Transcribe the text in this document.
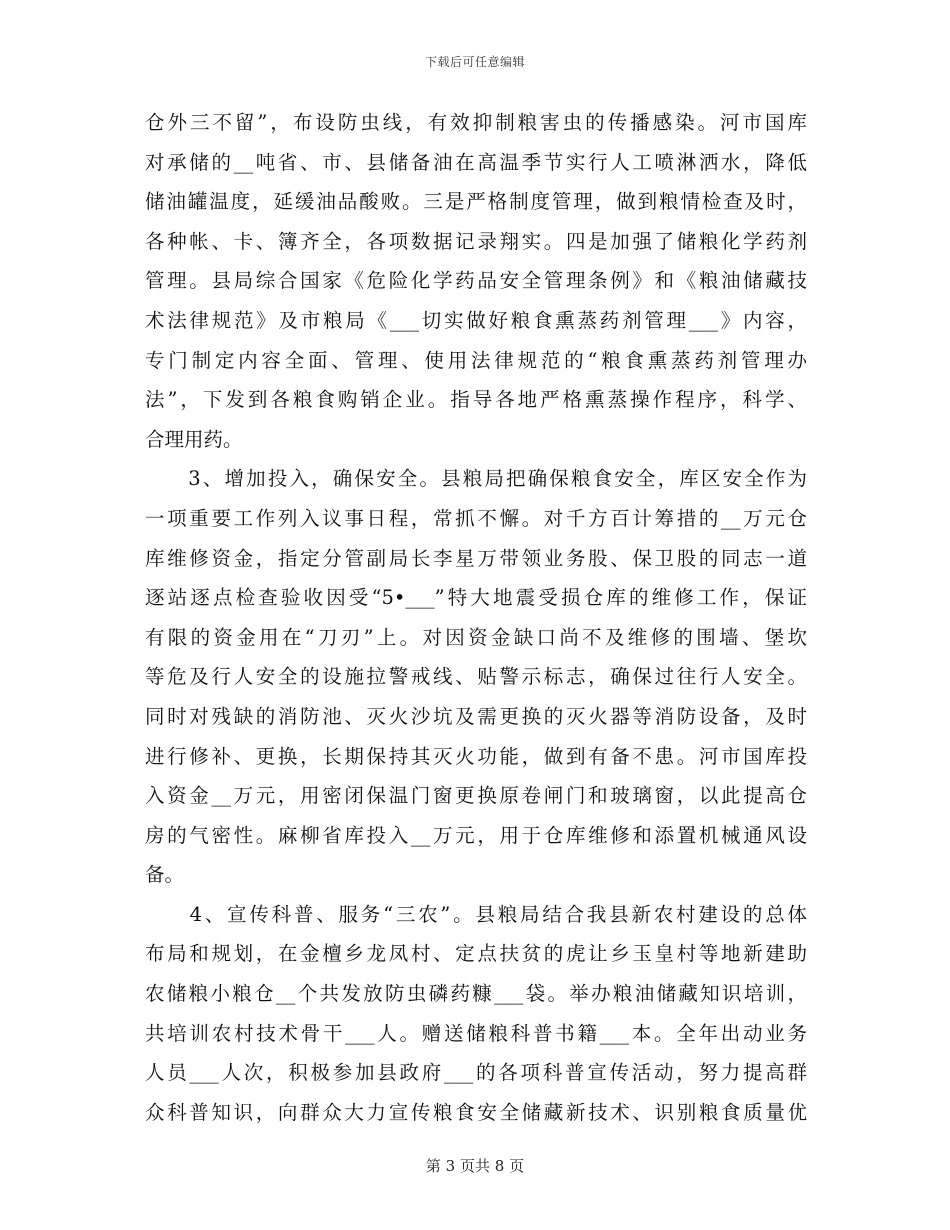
下载后可任意编辑
仓外三不留”，布设防虫线，有效抑制粮害虫的传播感染。河市国库
对承储的__吨省、市、县储备油在高温季节实行人工喷淋洒水，降低
储油罐温度，延缓油品酸败。三是严格制度管理，做到粮情检查及时，
各种帐、卡、簿齐全，各项数据记录翔实。四是加强了储粮化学药剂
管理。县局综合国家《危险化学药品安全管理条例》和《粮油储藏技
术法律规范》及市粮局《___切实做好粮食熏蒸药剂管理___》内容，
专门制定内容全面、管理、使用法律规范的“粮食熏蒸药剂管理办
法”，下发到各粮食购销企业。指导各地严格熏蒸操作程序，科学、
合理用药。
　　3、增加投入，确保安全。县粮局把确保粮食安全，库区安全作为
一项重要工作列入议事日程，常抓不懈。对千方百计筹措的__万元仓
库维修资金，指定分管副局长李星万带领业务股、保卫股的同志一道
逐站逐点检查验收因受“5•___”特大地震受损仓库的维修工作，保证
有限的资金用在“刀刃”上。对因资金缺口尚不及维修的围墙、堡坎
等危及行人安全的设施拉警戒线、贴警示标志，确保过往行人安全。
同时对残缺的消防池、灭火沙坑及需更换的灭火器等消防设备，及时
进行修补、更换，长期保持其灭火功能，做到有备不患。河市国库投
入资金__万元，用密闭保温门窗更换原卷闸门和玻璃窗，以此提高仓
房的气密性。麻柳省库投入__万元，用于仓库维修和添置机械通风设
备。
　　4、宣传科普、服务“三农”。县粮局结合我县新农村建设的总体
布局和规划，在金檀乡龙凤村、定点扶贫的虎让乡玉皇村等地新建助
农储粮小粮仓__个共发放防虫磷药糠___袋。举办粮油储藏知识培训，
共培训农村技术骨干___人。赠送储粮科普书籍___本。全年出动业务
人员___人次，积极参加县政府___的各项科普宣传活动，努力提高群
众科普知识，向群众大力宣传粮食安全储藏新技术、识别粮食质量优
第 3 页共 8 页
